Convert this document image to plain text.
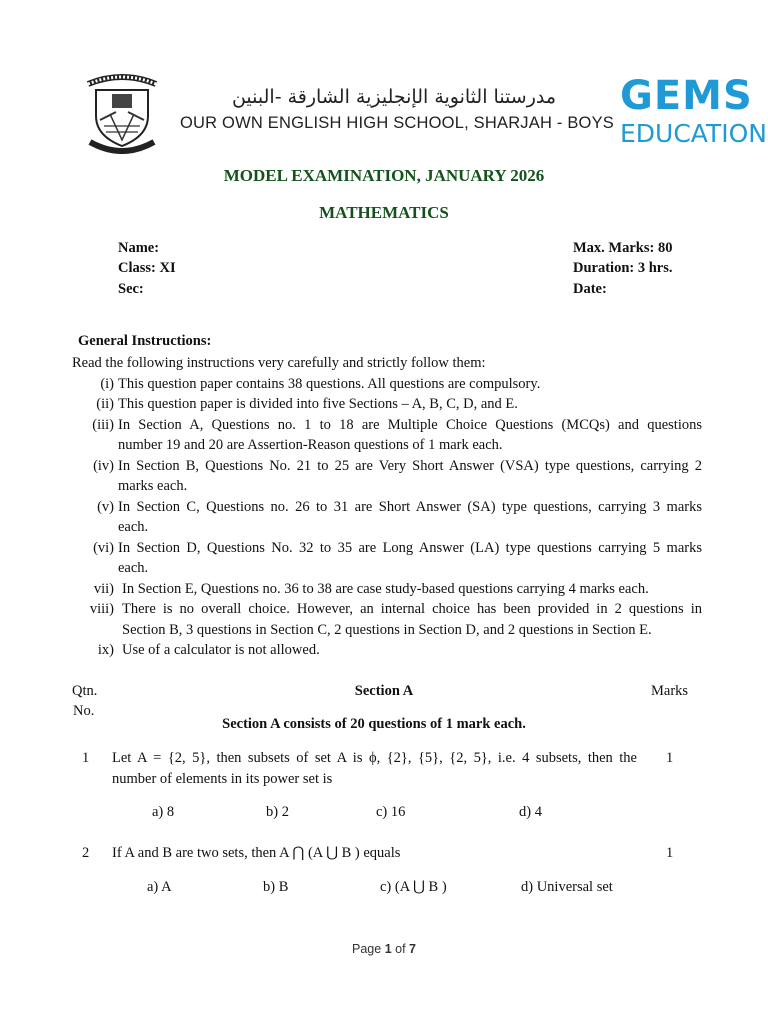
مدرستنا الثانوية الإنجليزية الشارقة -البنين
OUR OWN ENGLISH HIGH SCHOOL, SHARJAH - BOYS
GEMS
EDUCATION
MODEL EXAMINATION, JANUARY 2026
MATHEMATICS
Name:
Class: XI
Sec:
Max. Marks: 80
Duration: 3 hrs.
Date:
General Instructions:
Read the following instructions very carefully and strictly follow them:
(i) This question paper contains 38 questions. All questions are compulsory.
(ii) This question paper is divided into five Sections – A, B, C, D, and E.
(iii) In Section A, Questions no. 1 to 18 are Multiple Choice Questions (MCQs) and questions
number 19 and 20 are Assertion-Reason questions of 1 mark each.
(iv) In Section B, Questions No. 21 to 25 are Very Short Answer (VSA) type questions, carrying 2
marks each.
(v) In Section C, Questions no. 26 to 31 are Short Answer (SA) type questions, carrying 3 marks
each.
(vi) In Section D, Questions No. 32 to 35 are Long Answer (LA) type questions carrying 5 marks
each.
vii) In Section E, Questions no. 36 to 38 are case study-based questions carrying 4 marks each.
viii) There is no overall choice. However, an internal choice has been provided in 2 questions in
Section B, 3 questions in Section C, 2 questions in Section D, and 2 questions in Section E.
ix) Use of a calculator is not allowed.
Qtn.
No.
Section A	Marks
Section A consists of 20 questions of 1 mark each.
1 Let A = {2, 5}, then subsets of set A is ϕ, {2}, {5}, {2, 5}, i.e. 4 subsets, then the
number of elements in its power set is
1
a) 8	b) 2	c) 16	d) 4
2 If A and B are two sets, then A ⋂ (A ⋃ B ) equals	1
a) A	b) B	c) (A ⋃ B )	d) Universal set
Page 1 of 7
